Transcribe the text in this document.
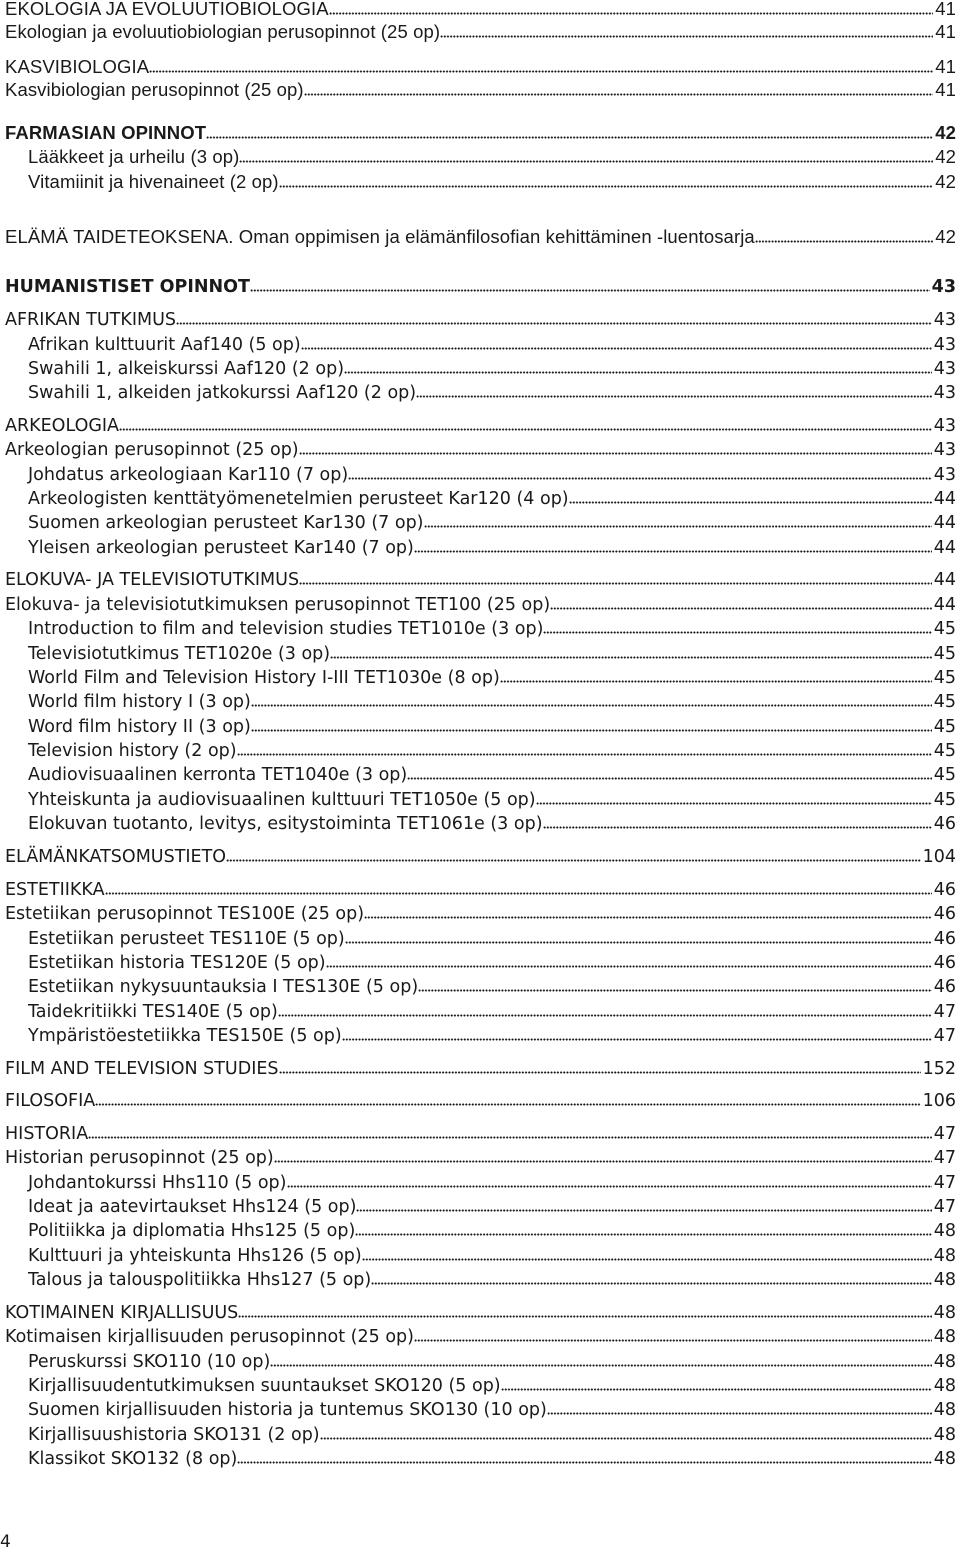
EKOLOGIA JA EVOLUUTIOBIOLOGIA	41
Ekologian ja evoluutiobiologian perusopinnot (25 op)	41
KASVIBIOLOGIA	41
Kasvibiologian perusopinnot (25 op)	41
FARMASIAN OPINNOT	42
Lääkkeet ja urheilu (3 op)	42
Vitamiinit ja hivenaineet (2 op)	42
ELÄMÄ TAIDETEOKSENA. Oman oppimisen ja elämänfilosofian kehittäminen -luentosarja	42
HUMANISTISET OPINNOT	43
AFRIKAN TUTKIMUS	43
Afrikan kulttuurit Aaf140 (5 op)	43
Swahili 1, alkeiskurssi Aaf120 (2 op)	43
Swahili 1, alkeiden jatkokurssi Aaf120 (2 op)	43
ARKEOLOGIA	43
Arkeologian perusopinnot (25 op)	43
Johdatus arkeologiaan Kar110 (7 op)	43
Arkeologisten kenttätyömenetelmien perusteet Kar120 (4 op)	44
Suomen arkeologian perusteet Kar130 (7 op)	44
Yleisen arkeologian perusteet Kar140 (7 op)	44
ELOKUVA- JA TELEVISIOTUTKIMUS	44
Elokuva- ja televisiotutkimuksen perusopinnot TET100 (25 op)	44
Introduction to film and television studies TET1010e (3 op)	45
Televisiotutkimus TET1020e (3 op)	45
World Film and Television History I-III TET1030e (8 op)	45
World film history I (3 op)	45
Word film history II (3 op)	45
Television history (2 op)	45
Audiovisuaalinen kerronta TET1040e (3 op)	45
Yhteiskunta ja audiovisuaalinen kulttuuri TET1050e (5 op)	45
Elokuvan tuotanto, levitys, esitystoiminta TET1061e (3 op)	46
ELÄMÄNKATSOMUSTIETO	104
ESTETIIKKA	46
Estetiikan perusopinnot TES100E (25 op)	46
Estetiikan perusteet TES110E (5 op)	46
Estetiikan historia TES120E (5 op)	46
Estetiikan nykysuuntauksia I TES130E (5 op)	46
Taidekritiikki TES140E (5 op)	47
Ympäristöestetiikka TES150E (5 op)	47
FILM AND TELEVISION STUDIES	152
FILOSOFIA	106
HISTORIA	47
Historian perusopinnot (25 op)	47
Johdantokurssi Hhs110 (5 op)	47
Ideat ja aatevirtaukset Hhs124 (5 op)	47
Politiikka ja diplomatia Hhs125 (5 op)	48
Kulttuuri ja yhteiskunta Hhs126 (5 op)	48
Talous ja talouspolitiikka Hhs127 (5 op)	48
KOTIMAINEN KIRJALLISUUS	48
Kotimaisen kirjallisuuden perusopinnot (25 op)	48
Peruskurssi SKO110 (10 op)	48
Kirjallisuudentutkimuksen suuntaukset SKO120 (5 op)	48
Suomen kirjallisuuden historia ja tuntemus SKO130 (10 op)	48
Kirjallisuushistoria SKO131 (2 op)	48
Klassikot SKO132 (8 op)	48
4
